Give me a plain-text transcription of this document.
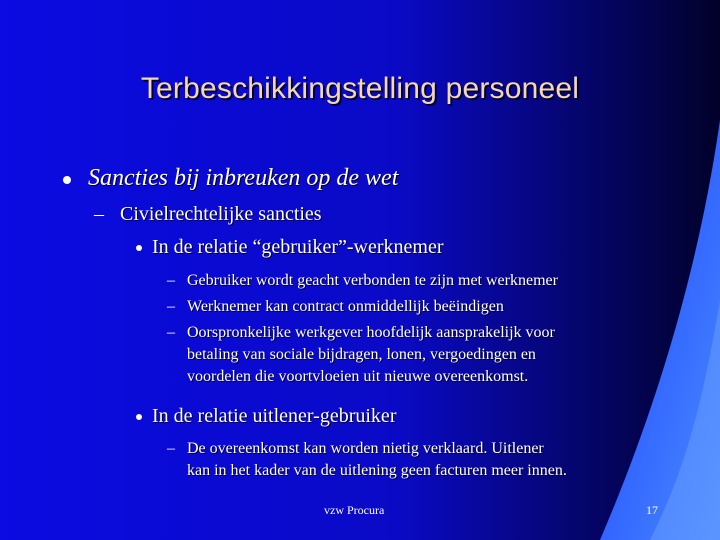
Terbeschikkingstelling personeel
Sancties bij inbreuken op de wet
– Civielrechtelijke sancties
In de relatie “gebruiker”-werknemer
– Gebruiker wordt geacht verbonden te zijn met werknemer
– Werknemer kan contract onmiddellijk beëindigen
– Oorspronkelijke werkgever hoofdelijk aansprakelijk voor
betaling van sociale bijdragen, lonen, vergoedingen en
voordelen die voortvloeien uit nieuwe overeenkomst.
In de relatie uitlener-gebruiker
– De overeenkomst kan worden nietig verklaard. Uitlener
kan in het kader van de uitlening geen facturen meer innen.
vzw Procura	17
